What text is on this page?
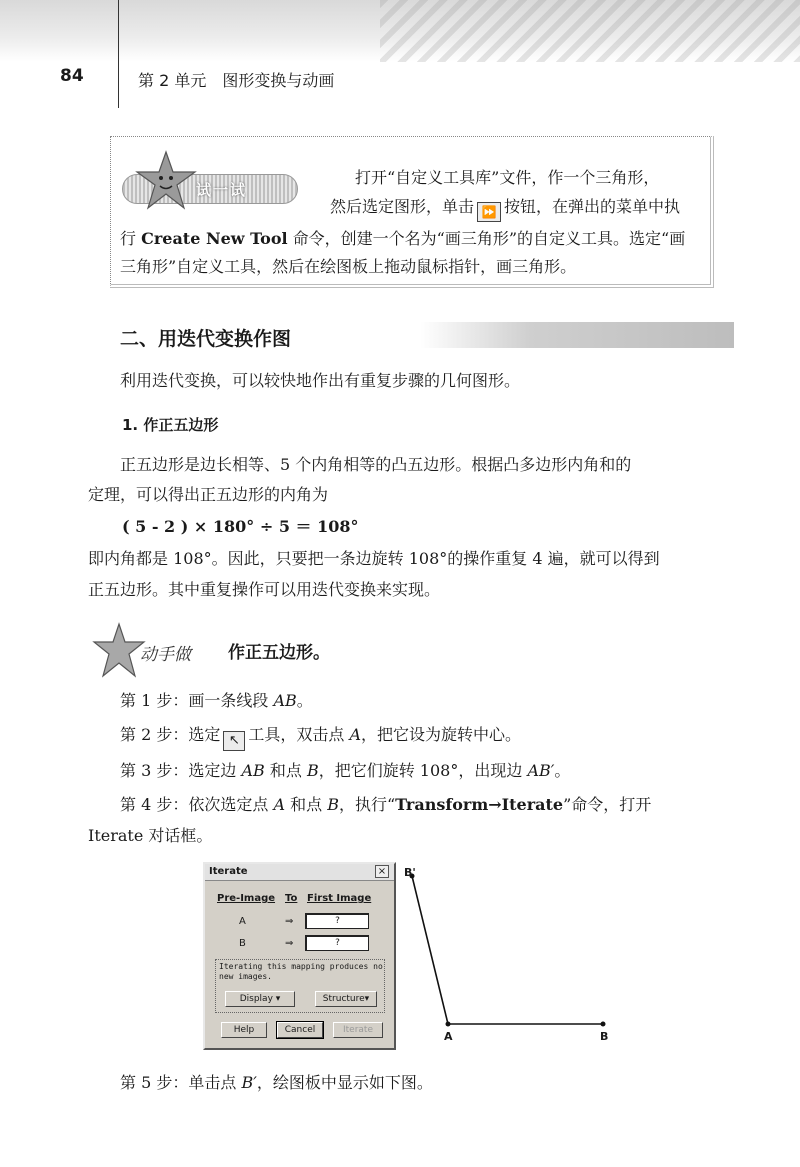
84	第 2 单元　图形变换与动画
试一试
打开“自定义工具库”文件，作一个三角形，
然后选定图形，单击 ⏩ 按钮，在弹出的菜单中执
行 Create New Tool 命令，创建一个名为“画三角形”的自定义工具。选定“画
三角形”自定义工具，然后在绘图板上拖动鼠标指针，画三角形。
二、用迭代变换作图
利用迭代变换，可以较快地作出有重复步骤的几何图形。
1. 作正五边形
正五边形是边长相等、5 个内角相等的凸五边形。根据凸多边形内角和的
定理，可以得出正五边形的内角为
( 5 - 2 ) × 180° ÷ 5 ＝ 108°
即内角都是 108°。因此，只要把一条边旋转 108°的操作重复 4 遍，就可以得到
正五边形。其中重复操作可以用迭代变换来实现。
动手做 作正五边形。
第 1 步：画一条线段 AB。
第 2 步：选定 ↖ 工具，双击点 A，把它设为旋转中心。
第 3 步：选定边 AB 和点 B，把它们旋转 108°，出现边 AB′。
第 4 步：依次选定点 A 和点 B，执行“Transform→Iterate”命令，打开
Iterate 对话框。
Iterate	×
Pre-Image To First Image
A	⇒	?
B	⇒	?
Iterating this mapping produces no new images.
Display ▾	Structure▾
Help	Cancel	Iterate
B'
A	B
第 5 步：单击点 B′，绘图板中显示如下图。
